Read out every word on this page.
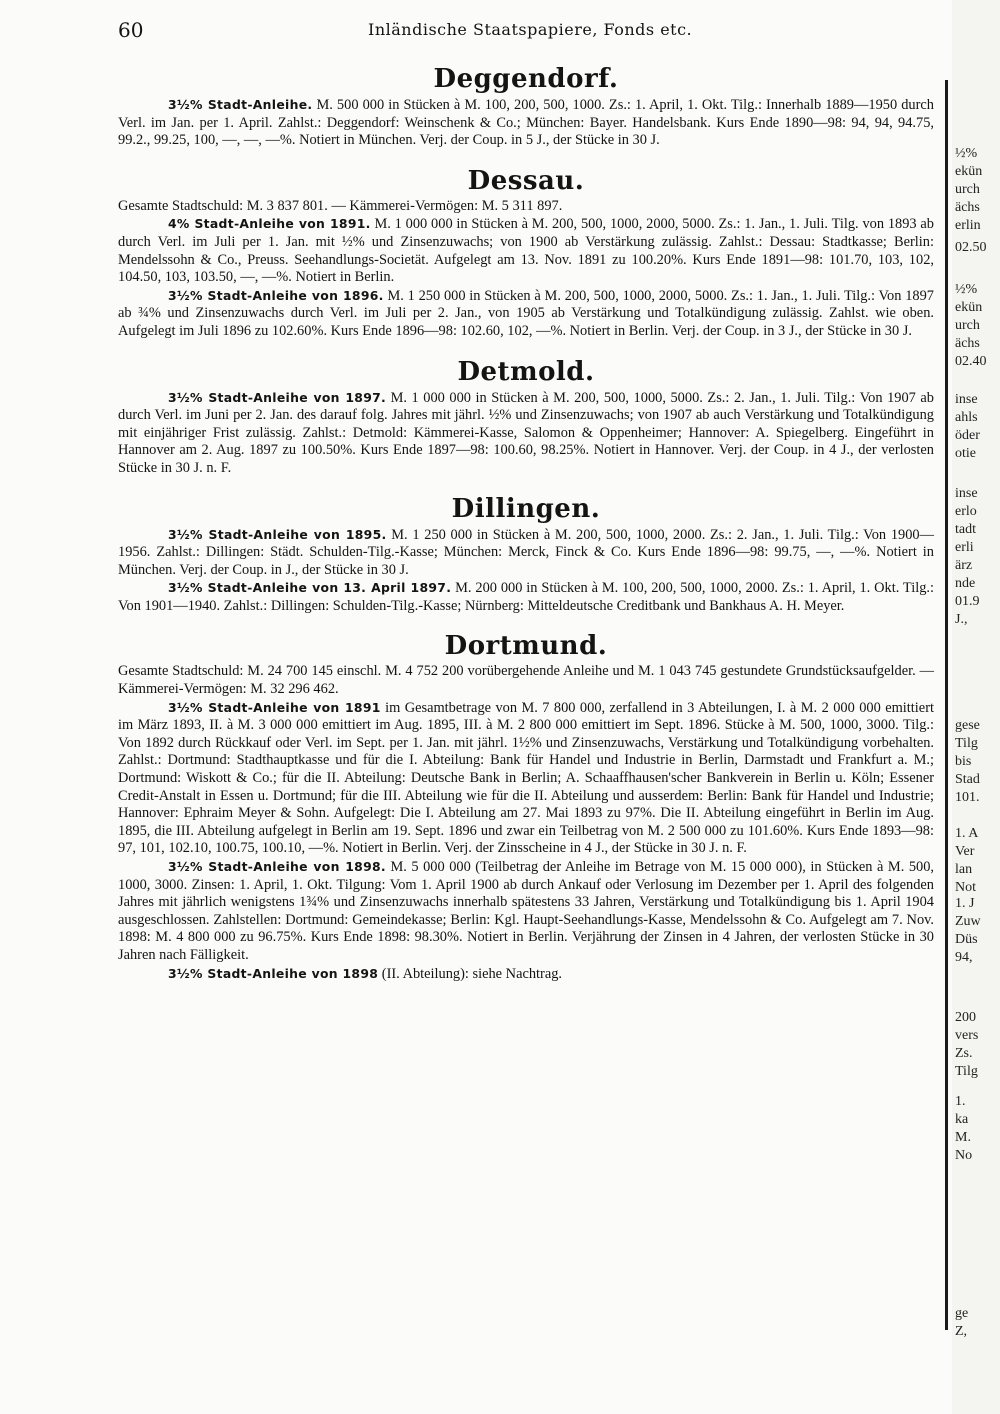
60	Inländische Staatspapiere, Fonds etc.
Deggendorf.

3½% Stadt-Anleihe. M. 500 000 in Stücken à M. 100, 200, 500, 1000. Zs.: 1. April, 1. Okt. Tilg.: Innerhalb 1889—1950 durch Verl. im Jan. per 1. April. Zahlst.: Deggendorf: Weinschenk & Co.; München: Bayer. Handelsbank. Kurs Ende 1890—98: 94, 94, 94.75, 99.2., 99.25, 100, —, —, —%. Notiert in München. Verj. der Coup. in 5 J., der Stücke in 30 J.

Dessau.

Gesamte Stadtschuld: M. 3 837 801. — Kämmerei-Vermögen: M. 5 311 897.

4% Stadt-Anleihe von 1891. M. 1 000 000 in Stücken à M. 200, 500, 1000, 2000, 5000. Zs.: 1. Jan., 1. Juli. Tilg. von 1893 ab durch Verl. im Juli per 1. Jan. mit ½% und Zinsenzuwachs; von 1900 ab Verstärkung zulässig. Zahlst.: Dessau: Stadtkasse; Berlin: Mendelssohn & Co., Preuss. Seehandlungs-Societät. Aufgelegt am 13. Nov. 1891 zu 100.20%. Kurs Ende 1891—98: 101.70, 103, 102, 104.50, 103, 103.50, —, —%. Notiert in Berlin.

3½% Stadt-Anleihe von 1896. M. 1 250 000 in Stücken à M. 200, 500, 1000, 2000, 5000. Zs.: 1. Jan., 1. Juli. Tilg.: Von 1897 ab ¾% und Zinsenzuwachs durch Verl. im Juli per 2. Jan., von 1905 ab Verstärkung und Totalkündigung zulässig. Zahlst. wie oben. Aufgelegt im Juli 1896 zu 102.60%. Kurs Ende 1896—98: 102.60, 102, —%. Notiert in Berlin. Verj. der Coup. in 3 J., der Stücke in 30 J.

Detmold.

3½% Stadt-Anleihe von 1897. M. 1 000 000 in Stücken à M. 200, 500, 1000, 5000. Zs.: 2. Jan., 1. Juli. Tilg.: Von 1907 ab durch Verl. im Juni per 2. Jan. des darauf folg. Jahres mit jährl. ½% und Zinsenzuwachs; von 1907 ab auch Verstärkung und Totalkündigung mit einjähriger Frist zulässig. Zahlst.: Detmold: Kämmerei-Kasse, Salomon & Oppenheimer; Hannover: A. Spiegelberg. Eingeführt in Hannover am 2. Aug. 1897 zu 100.50%. Kurs Ende 1897—98: 100.60, 98.25%. Notiert in Hannover. Verj. der Coup. in 4 J., der verlosten Stücke in 30 J. n. F.

Dillingen.

3½% Stadt-Anleihe von 1895. M. 1 250 000 in Stücken à M. 200, 500, 1000, 2000. Zs.: 2. Jan., 1. Juli. Tilg.: Von 1900—1956. Zahlst.: Dillingen: Städt. Schulden-Tilg.-Kasse; München: Merck, Finck & Co. Kurs Ende 1896—98: 99.75, —, —%. Notiert in München. Verj. der Coup. in J., der Stücke in 30 J.

3½% Stadt-Anleihe von 13. April 1897. M. 200 000 in Stücken à M. 100, 200, 500, 1000, 2000. Zs.: 1. April, 1. Okt. Tilg.: Von 1901—1940. Zahlst.: Dillingen: Schulden-Tilg.-Kasse; Nürnberg: Mitteldeutsche Creditbank und Bankhaus A. H. Meyer.

Dortmund.

Gesamte Stadtschuld: M. 24 700 145 einschl. M. 4 752 200 vorübergehende Anleihe und M. 1 043 745 gestundete Grundstücksaufgelder. — Kämmerei-Vermögen: M. 32 296 462.

3½% Stadt-Anleihe von 1891 im Gesamtbetrage von M. 7 800 000, zerfallend in 3 Abteilungen, I. à M. 2 000 000 emittiert im März 1893, II. à M. 3 000 000 emittiert im Aug. 1895, III. à M. 2 800 000 emittiert im Sept. 1896. Stücke à M. 500, 1000, 3000. Tilg.: Von 1892 durch Rückkauf oder Verl. im Sept. per 1. Jan. mit jährl. 1½% und Zinsenzuwachs, Verstärkung und Totalkündigung vorbehalten. Zahlst.: Dortmund: Stadthauptkasse und für die I. Abteilung: Bank für Handel und Industrie in Berlin, Darmstadt und Frankfurt a. M.; Dortmund: Wiskott & Co.; für die II. Abteilung: Deutsche Bank in Berlin; A. Schaaffhausen'scher Bankverein in Berlin u. Köln; Essener Credit-Anstalt in Essen u. Dortmund; für die III. Abteilung wie für die II. Abteilung und ausserdem: Berlin: Bank für Handel und Industrie; Hannover: Ephraim Meyer & Sohn. Aufgelegt: Die I. Abteilung am 27. Mai 1893 zu 97%. Die II. Abteilung eingeführt in Berlin im Aug. 1895, die III. Abteilung aufgelegt in Berlin am 19. Sept. 1896 und zwar ein Teilbetrag von M. 2 500 000 zu 101.60%. Kurs Ende 1893—98: 97, 101, 102.10, 100.75, 100.10, —%. Notiert in Berlin. Verj. der Zinsscheine in 4 J., der Stücke in 30 J. n. F.

3½% Stadt-Anleihe von 1898. M. 5 000 000 (Teilbetrag der Anleihe im Betrage von M. 15 000 000), in Stücken à M. 500, 1000, 3000. Zinsen: 1. April, 1. Okt. Tilgung: Vom 1. April 1900 ab durch Ankauf oder Verlosung im Dezember per 1. April des folgenden Jahres mit jährlich wenigstens 1¾% und Zinsenzuwachs innerhalb spätestens 33 Jahren, Verstärkung und Totalkündigung bis 1. April 1904 ausgeschlossen. Zahlstellen: Dortmund: Gemeindekasse; Berlin: Kgl. Haupt-Seehandlungs-Kasse, Mendelssohn & Co. Aufgelegt am 7. Nov. 1898: M. 4 800 000 zu 96.75%. Kurs Ende 1898: 98.30%. Notiert in Berlin. Verjährung der Zinsen in 4 Jahren, der verlosten Stücke in 30 Jahren nach Fälligkeit.

3½% Stadt-Anleihe von 1898 (II. Abteilung): siehe Nachtrag.

½%
ekün
urch
ächs
erlin
02.50
½%
ekün
urch
ächs
02.40
inse
ahls
öder
otie
inse
erlo
tadt
erli
ärz
nde
01.9
J.,
gese
Tilg
bis
Stad
101.
1. A
Ver
lan
Not
1. J
Zuw
Düs
94,
200
vers
Zs.
Tilg
1.
ka
M.
No
ge
Z,
